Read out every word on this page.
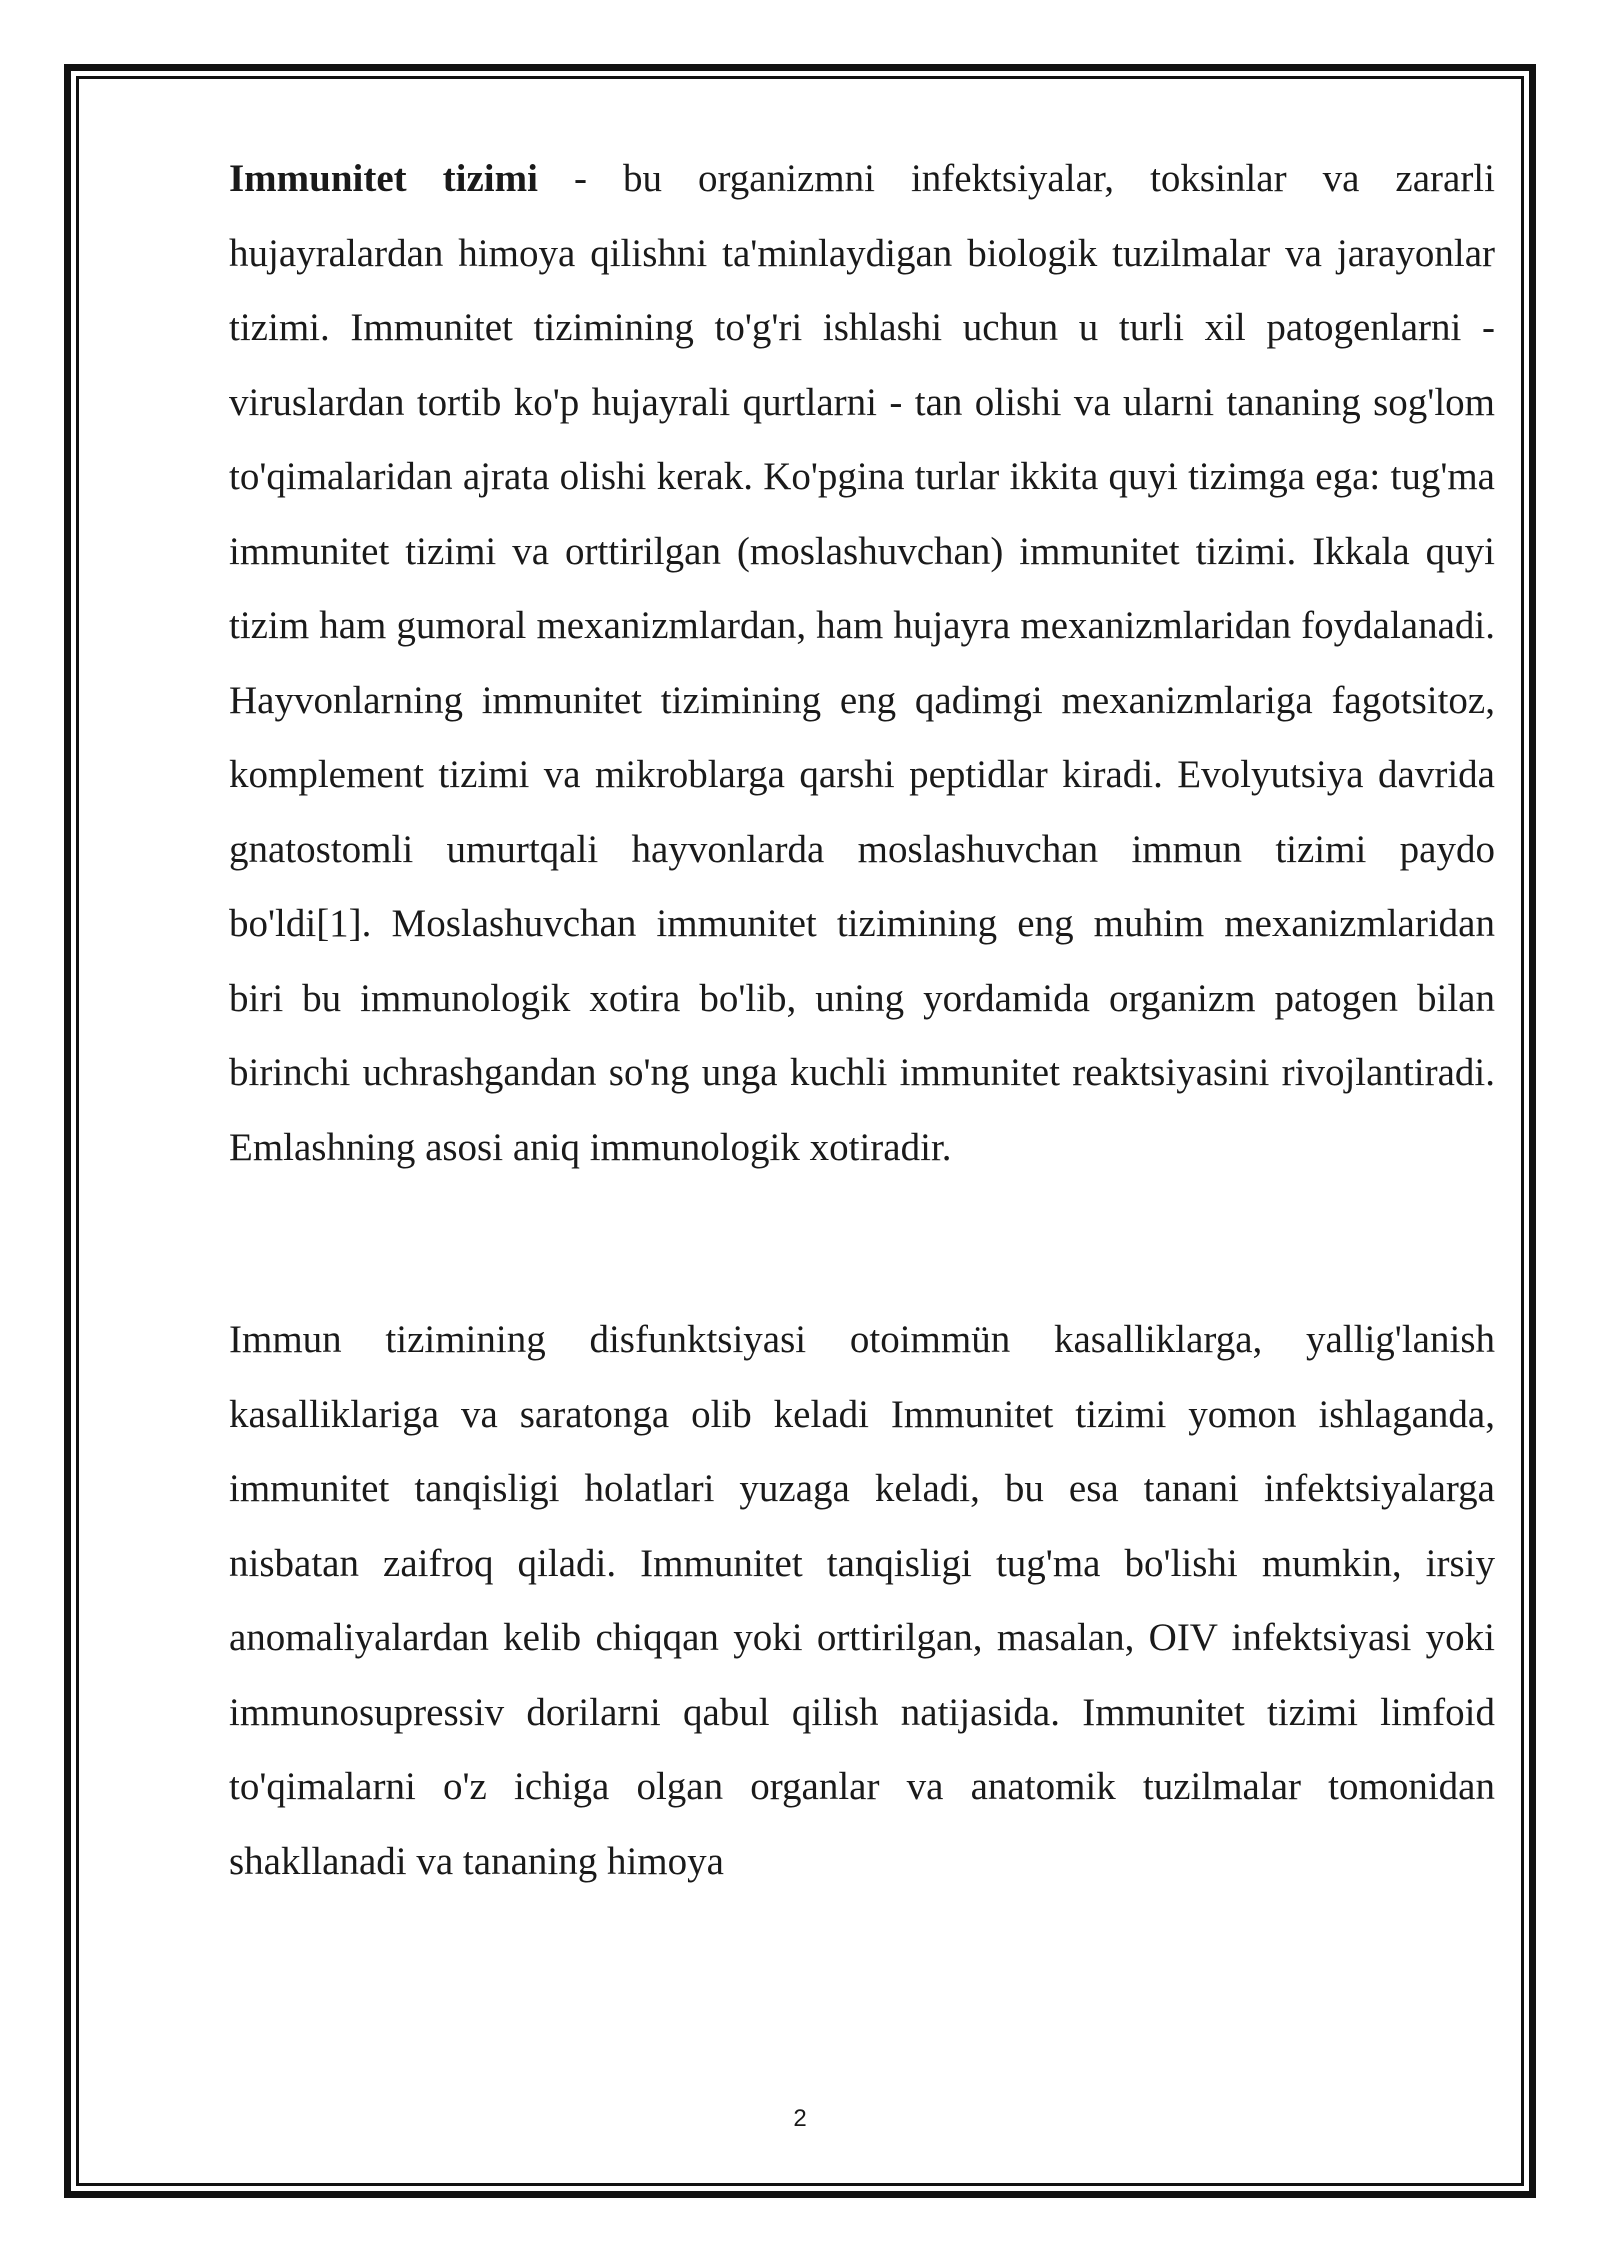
Immunitet tizimi - bu organizmni infektsiyalar, toksinlar va zararli hujayralardan himoya qilishni ta'minlaydigan biologik tuzilmalar va jarayonlar tizimi. Immunitet tizimining to'g'ri ishlashi uchun u turli xil patogenlarni - viruslardan tortib ko'p hujayrali qurtlarni - tan olishi va ularni tananing sog'lom to'qimalaridan ajrata olishi kerak. Ko'pgina turlar ikkita quyi tizimga ega: tug'ma immunitet tizimi va orttirilgan (moslashuvchan) immunitet tizimi. Ikkala quyi tizim ham gumoral mexanizmlardan, ham hujayra mexanizmlaridan foydalanadi. Hayvonlarning immunitet tizimining eng qadimgi mexanizmlariga fagotsitoz, komplement tizimi va mikroblarga qarshi peptidlar kiradi. Evolyutsiya davrida gnatostomli umurtqali hayvonlarda moslashuvchan immun tizimi paydo bo'ldi[1]. Moslashuvchan immunitet tizimining eng muhim mexanizmlaridan biri bu immunologik xotira bo'lib, uning yordamida organizm patogen bilan birinchi uchrashgandan so'ng unga kuchli immunitet reaktsiyasini rivojlantiradi. Emlashning asosi aniq immunologik xotiradir.

Immun tizimining disfunktsiyasi otoimmün kasalliklarga, yallig'lanish kasalliklariga va saratonga olib keladi Immunitet tizimi yomon ishlaganda, immunitet tanqisligi holatlari yuzaga keladi, bu esa tanani infektsiyalarga nisbatan zaifroq qiladi. Immunitet tanqisligi tug'ma bo'lishi mumkin, irsiy anomaliyalardan kelib chiqqan yoki orttirilgan, masalan, OIV infektsiyasi yoki immunosupressiv dorilarni qabul qilish natijasida. Immunitet tizimi limfoid to'qimalarni o'z ichiga olgan organlar va anatomik tuzilmalar tomonidan shakllanadi va tananing himoya

2
